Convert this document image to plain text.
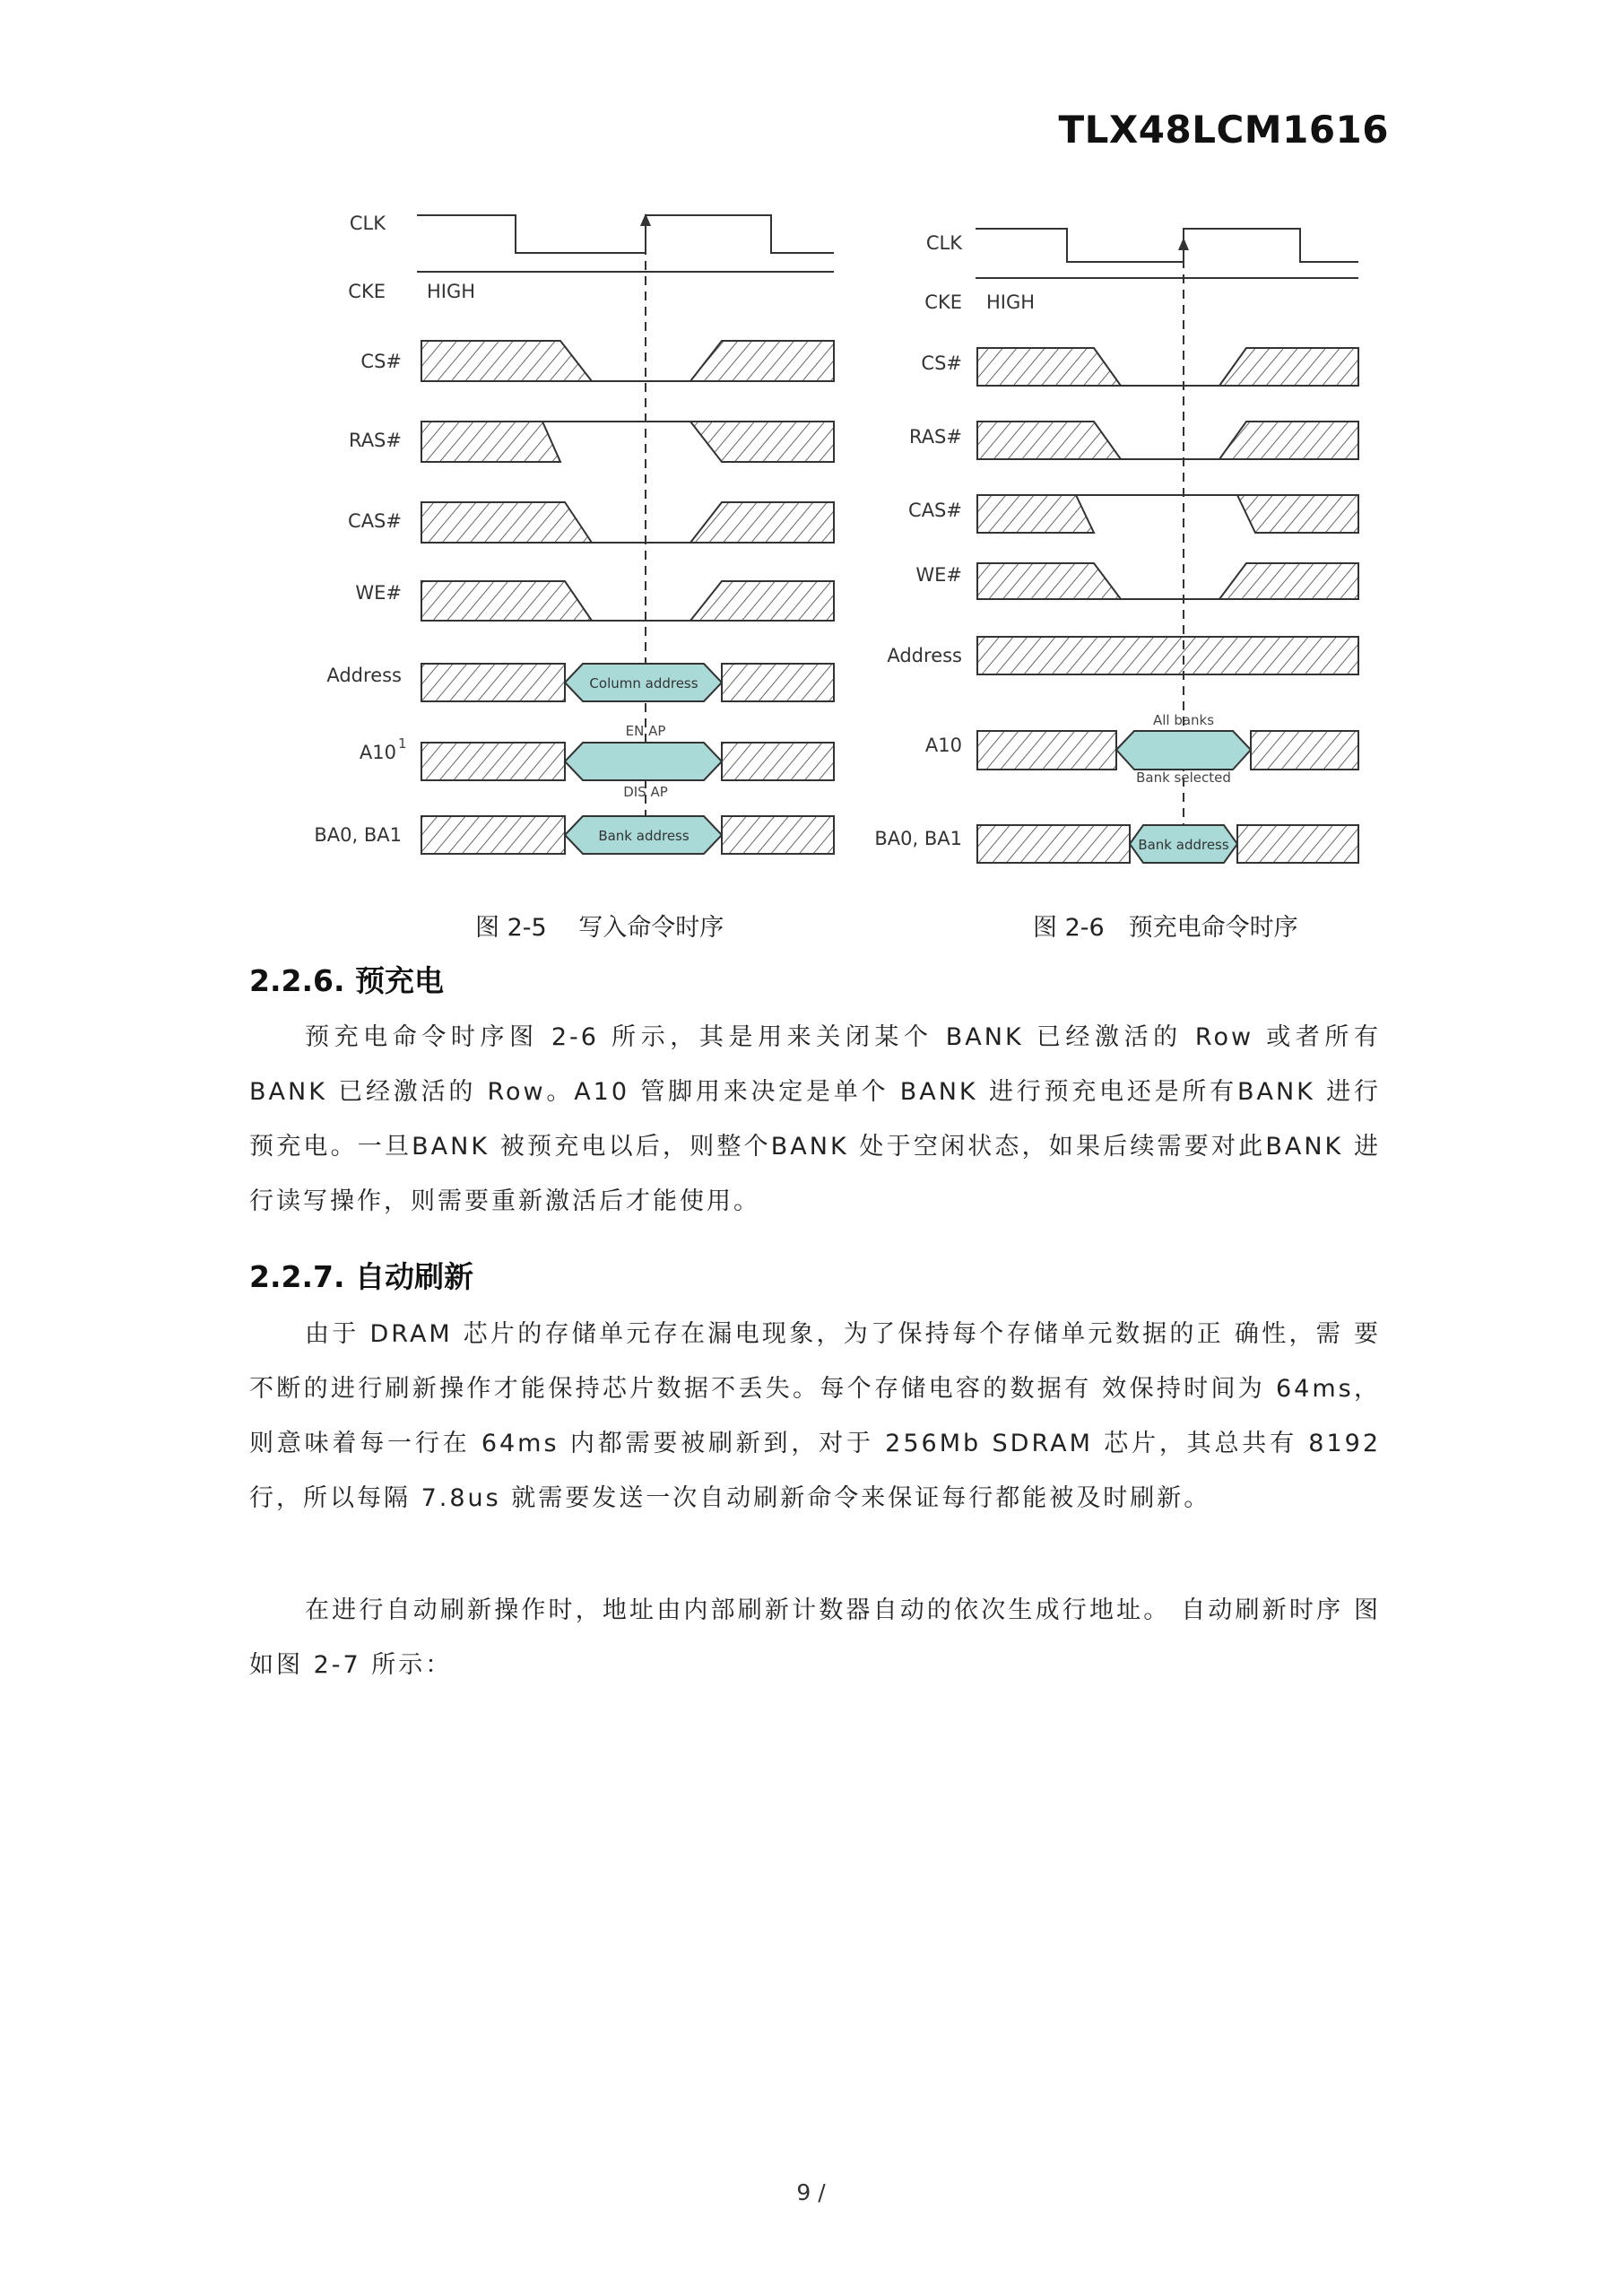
TLX48LCM1616
CLK
CKE
CS#
RAS#
CAS#
WE#
Address
A10 1
BA0, BA1
HIGH
Column address
EN AP
DIS AP
Bank address
CLK
CKE
CS#
RAS#
CAS#
WE#
Address
A10
BA0, BA1
HIGH
All banks
Bank selected
Bank address
图 2-5　 写入命令时序	图 2-6　预充电命令时序
2.2.6. 预充电
预充电命令时序图 2-6 所示，其是用来关闭某个 BANK 已经激活的 Row 或者所有 BANK 已经激活的 Row。A10 管脚用来决定是单个 BANK 进行预充电还是所有BANK 进行 预充电。一旦BANK 被预充电以后，则整个BANK 处于空闲状态，如果后续需要对此BANK 进行读写操作，则需要重新激活后才能使用。
2.2.7. 自动刷新
由于 DRAM 芯片的存储单元存在漏电现象，为了保持每个存储单元数据的正 确性，需 要不断的进行刷新操作才能保持芯片数据不丢失。每个存储电容的数据有 效保持时间为 64ms，则意味着每一行在 64ms 内都需要被刷新到，对于 256Mb SDRAM 芯片，其总共有 8192 行，所以每隔 7.8us 就需要发送一次自动刷新命令来保证每行都能被及时刷新。
在进行自动刷新操作时，地址由内部刷新计数器自动的依次生成行地址。 自动刷新时序 图如图 2-7 所示：
9 /
